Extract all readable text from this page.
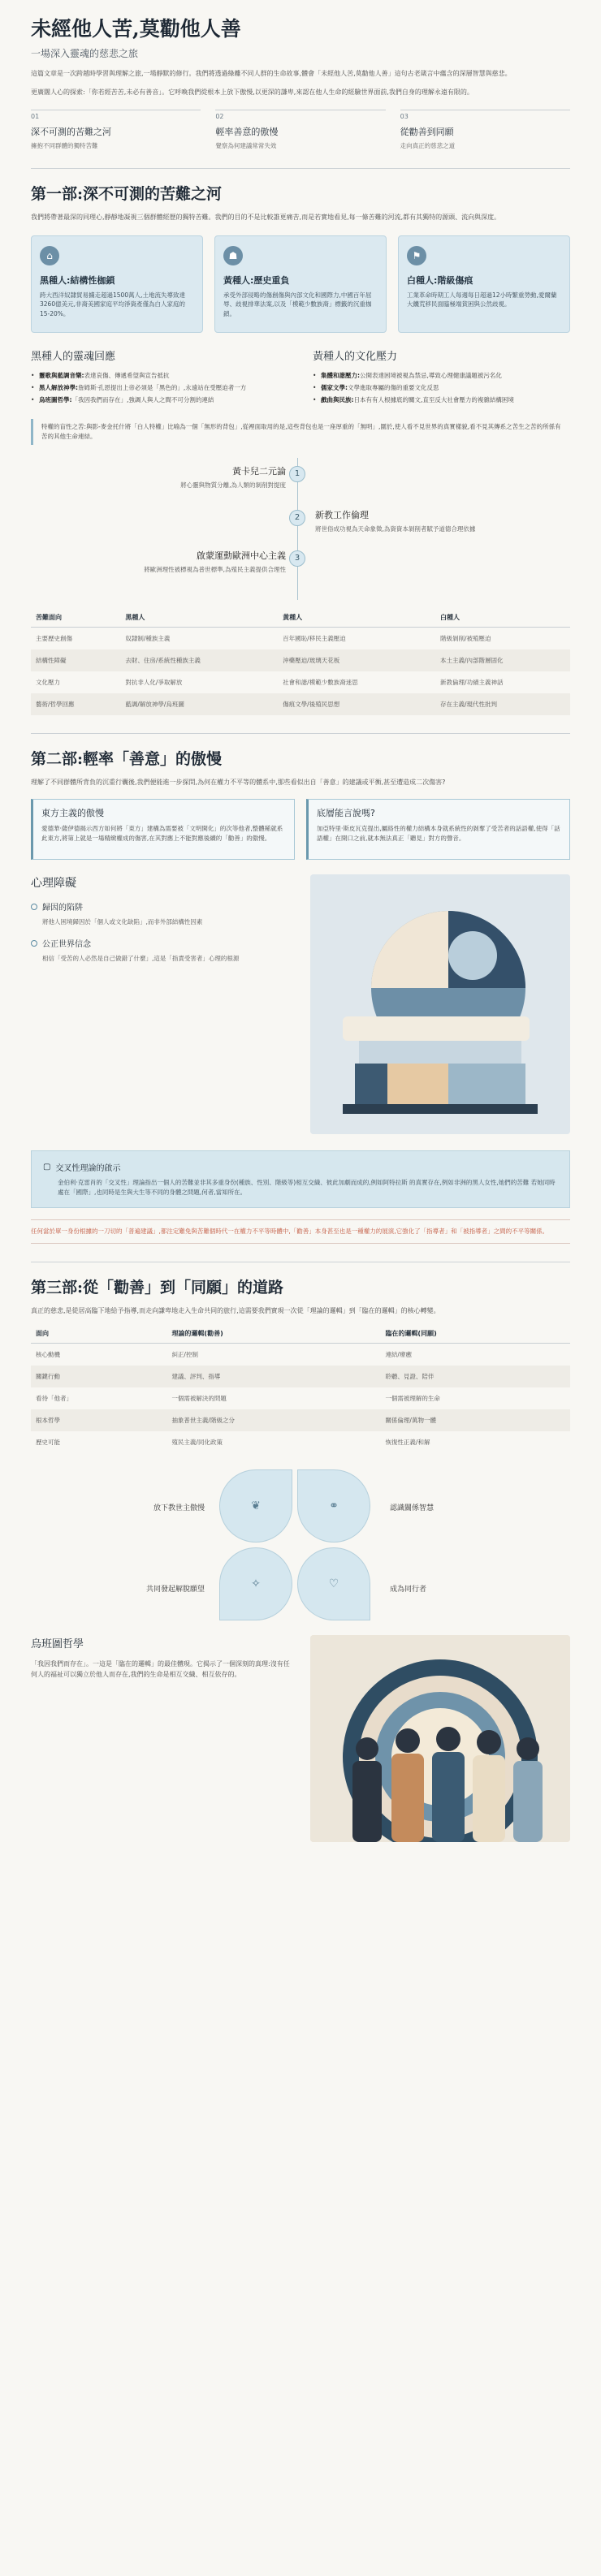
未經他人苦,莫勸他人善
一場深入靈魂的慈悲之旅

這篇文章是一次跨越時學習與理解之旅,一場靜默的修行。我們將透過綠離不同人群的生命故事,體會「未經他人苦,莫勸他人善」這句古老箴言中蘊含的深層智慧與慈悲。

更廣闊人心的探索:「你若經苦苦,未必有善音」。它呼喚我們從根本上放下傲慢,以更深的謙卑,來認在他人生命的經驗世界面前,我們自身的理解永遠有限的。

01
深不可測的苦難之河
擁抱不同群體的獨特苦難
02
輕率善意的傲慢
覺察為何建議常常失效
03
從勸善到同願
走向真正的慈悲之道
第一部:深不可測的苦難之河

我們將帶著最深的同理心,靜靜地凝視三個群體經歷的獨特苦難。我們的目的不是比較誰更痛苦,而是若實地看見,每一條苦難的河流,都有其獨特的源頭、流向與深度。

⌂
黑種人:結構性枷鎖
跨大西洋奴隸貿易擄走超過1500萬人,土地流失導致達3260億美元,非裔美國家庭平均淨資產僅為白人家庭的15-20%。
☗
黃種人:歷史重負
承受外部侵略的傷創傷與內部文化和國際力,中國百年屈辱、歧視排華法案,以及「模範少數族裔」標籤的沉重枷鎖。
⚑
白種人:階級傷痕
工業革命時期工人每週每日超過12小時繁重勞動,愛爾蘭大饑荒移民面臨極端貧困與公然歧視。
黑種人的靈魂回應
• 靈歌與藍調音樂:表達哀傷、傳遞希望與宣告抵抗
• 黑人解放神學:詹姆斯·孔恩提出上帝必須是「黑色的」,永遠站在受壓迫者一方
• 烏班圖哲學:「我因我們而存在」,強調人與人之間不可分割的連結
黃種人的文化壓力
• 集體和諧壓力:公開表達困境被視為禁忌,導致心理健康議題被污名化
• 儒家文學:文學進取專屬的傷的重要文化反思
• 戲曲與民族:日本有有人根據底的關文,直至反大社會壓力的複雜結構困境
特權的盲性之苦:與影-麥金托什將「白人特權」比喻為一個「無形的背包」,從裡面取用的是,這些背包也是一座厚重的「無明」,圍於,使人看不見世界的真實樣貌,看不見其傳系之苦生之苦的所係有苦的其他生命連結。
黃卡兒二元論
將心靈與物質分離,為人類的剝削對提度
1
新教工作倫理
將世俗成功視為天命象徵,為資資本剝削者賦予道德合理依據
2
啟蒙運動歐洲中心主義
將歐洲理性被標視為普世標準,為殖民主義提供合理性
3
苦難面向	黑種人	黃種人	白種人
主要歷史創傷	奴隸制/種族主義	百年國恥/移民主義壓迫	階級剝削/被殖壓迫
結構性障礙	去財、住房/系統性種族主義	沖藥壓迫/玻璃天花板	本土主義/內部階層固化
文化壓力	對抗非人化/爭取解放	社會和諧/模範少數族裔迷思	新教倫理/功績主義神話
藝術/哲學回應	藍調/解放神學/烏班圖	傷痕文學/後殖民思想	存在主義/現代性批判
第二部:輕率「善意」的傲慢

理解了不同群體所背負的沉重行囊後,我們便能進一步探問,為何在權力不平等的體系中,那些看似出自「善意」的建議或平衡,甚至遭造成二次傷害?

東方主義的傲慢
愛德華·薩伊德揭示西方如何將「東方」建構為需要被「文明開化」的次等他者,整體稀就系此東方,將第上就是一場精緻權成的傷害,在其對應上不能對應後續的「勸善」的傲慢。
底層能言說嗎?
加亞特里·斯皮瓦克提出,屬絡性的權力結構本身就系統性的剝奪了受苦者的話語權,使得「話語權」在開口之前,就本無法真正「聽見」對方的聲音。
心理障礙
歸因的陷阱
將他人困境歸因於「個人或文化缺陷」,而非外部結構性因素
公正世界信念
相信「受苦的人必然是自己做錯了什麼」,這是「指責受害者」心理的根源
▢ 交叉性理論的啟示
金伯利·克雷肖的「交叉性」理論指出一個人的苦難並非其多重身份(種族、性別、階級等)相互交織、彼此加劇而成的,例如阿特拉斯 的真實存在,例如非洲的黑人女性,她們的苦難 若她同時處在「國際」,也同時是生與大生等不同的身體之問題,何者,當知所在。
任何當於單一身份根據的一刀切的「普遍建議」,都注定難免與苦難個時代一在權力不平等時體中,「勸善」本身甚至也是一種權力的展演,它強化了「指導者」和「被指導者」之間的不平等關係。
第三部:從「勸善」到「同願」的道路

真正的慈悲,是從居高臨下地給予指導,而走向謙卑地走入生命共同的旅行,這需要我們實現一次從「理論的邏輯」到「臨在的邏輯」的核心轉變。

面向	理論的邏輯(勸善)	臨在的邏輯(同願)
核心動機	糾正/控制	連結/療癒
關鍵行動	建議、評判、指導	聆聽、見證、陪伴
看待「他者」	一個需被解決的問題	一個需被理解的生命
根本哲學	抽象普世主義/階級之分	關係倫理/萬物一體
歷史可能	殖民主義/同化政策	恢復性正義/和解
❦	⚭
✧	♡
放下教世主傲慢	認識關係智慧
共同發起解脫願望	成為同行者
烏班圖哲學

「我因我們而存在」。一這是「臨在的邏輯」的最佳體現。它揭示了一個深刻的真理:沒有任何人的福祉可以獨立於他人而存在,我們的生命是相互交織、相互依存的。
